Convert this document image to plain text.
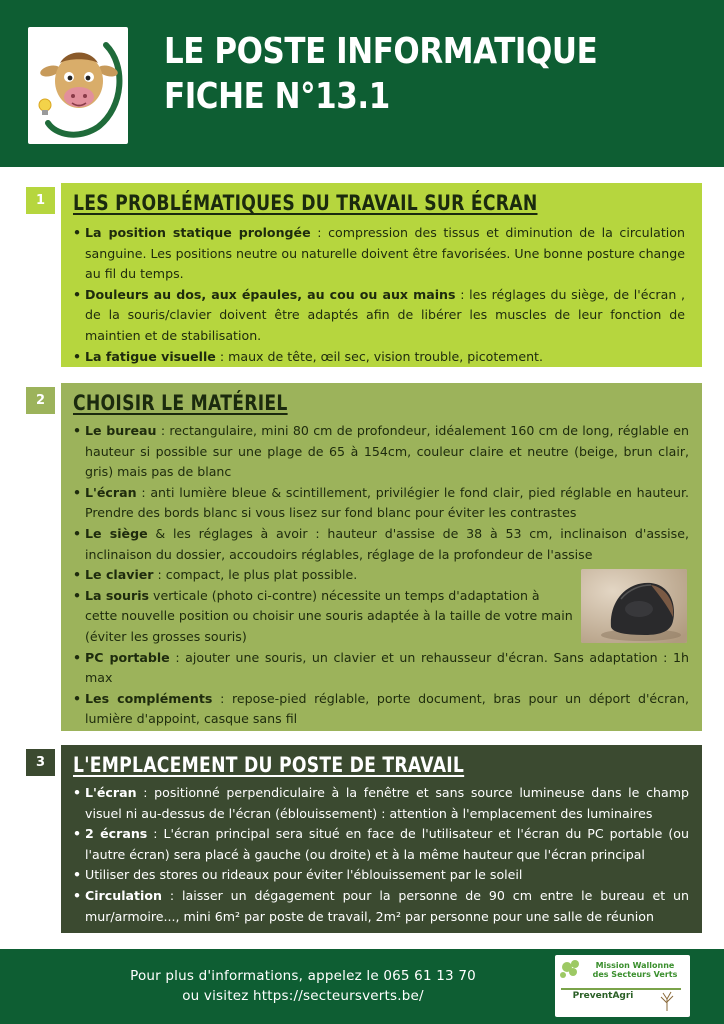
LE POSTE INFORMATIQUE
FICHE N°13.1
1	LES PROBLÉMATIQUES DU TRAVAIL SUR ÉCRAN
• La position statique prolongée : compression des tissus et diminution de la circulation sanguine. Les positions neutre ou naturelle doivent être favorisées. Une bonne posture change au fil du temps.
• Douleurs au dos, aux épaules, au cou ou aux mains : les réglages du siège, de l'écran , de la souris/clavier doivent être adaptés afin de libérer les muscles de leur fonction de maintien et de stabilisation.
• La fatigue visuelle : maux de tête, œil sec, vision trouble, picotement.
2	CHOISIR LE MATÉRIEL
• Le bureau : rectangulaire, mini 80 cm de profondeur, idéalement 160 cm de long, réglable en hauteur si possible sur une plage de 65 à 154cm, couleur claire et neutre (beige, brun clair, gris) mais pas de blanc
• L'écran : anti lumière bleue & scintillement, privilégier le fond clair, pied réglable en hauteur. Prendre des bords blanc si vous lisez sur fond blanc pour éviter les contrastes
• Le siège & les réglages à avoir : hauteur d'assise de 38 à 53 cm, inclinaison d'assise, inclinaison du dossier, accoudoirs réglables, réglage de la profondeur de l'assise
• Le clavier : compact, le plus plat possible.
• La souris verticale (photo ci-contre) nécessite un temps d'adaptation à cette nouvelle position ou choisir une souris adaptée à la taille de votre main (éviter les grosses souris)
• PC portable : ajouter une souris, un clavier et un rehausseur d'écran. Sans adaptation : 1h max
• Les compléments : repose-pied réglable, porte document, bras pour un déport d'écran, lumière d'appoint, casque sans fil
3	L'EMPLACEMENT DU POSTE DE TRAVAIL
• L'écran : positionné perpendiculaire à la fenêtre et sans source lumineuse dans le champ visuel ni au-dessus de l'écran (éblouissement) : attention à l'emplacement des luminaires
• 2 écrans : L'écran principal sera situé en face de l'utilisateur et l'écran du PC portable (ou l'autre écran) sera placé à gauche (ou droite) et à la même hauteur que l'écran principal
• Utiliser des stores ou rideaux pour éviter l'éblouissement par le soleil
• Circulation : laisser un dégagement pour la personne de 90 cm entre le bureau et un mur/armoire..., mini 6m² par poste de travail, 2m² par personne pour une salle de réunion
Pour plus d'informations, appelez le 065 61 13 70
ou visitez https://secteursverts.be/
Mission Wallonne
des Secteurs Verts
PreventAgri
